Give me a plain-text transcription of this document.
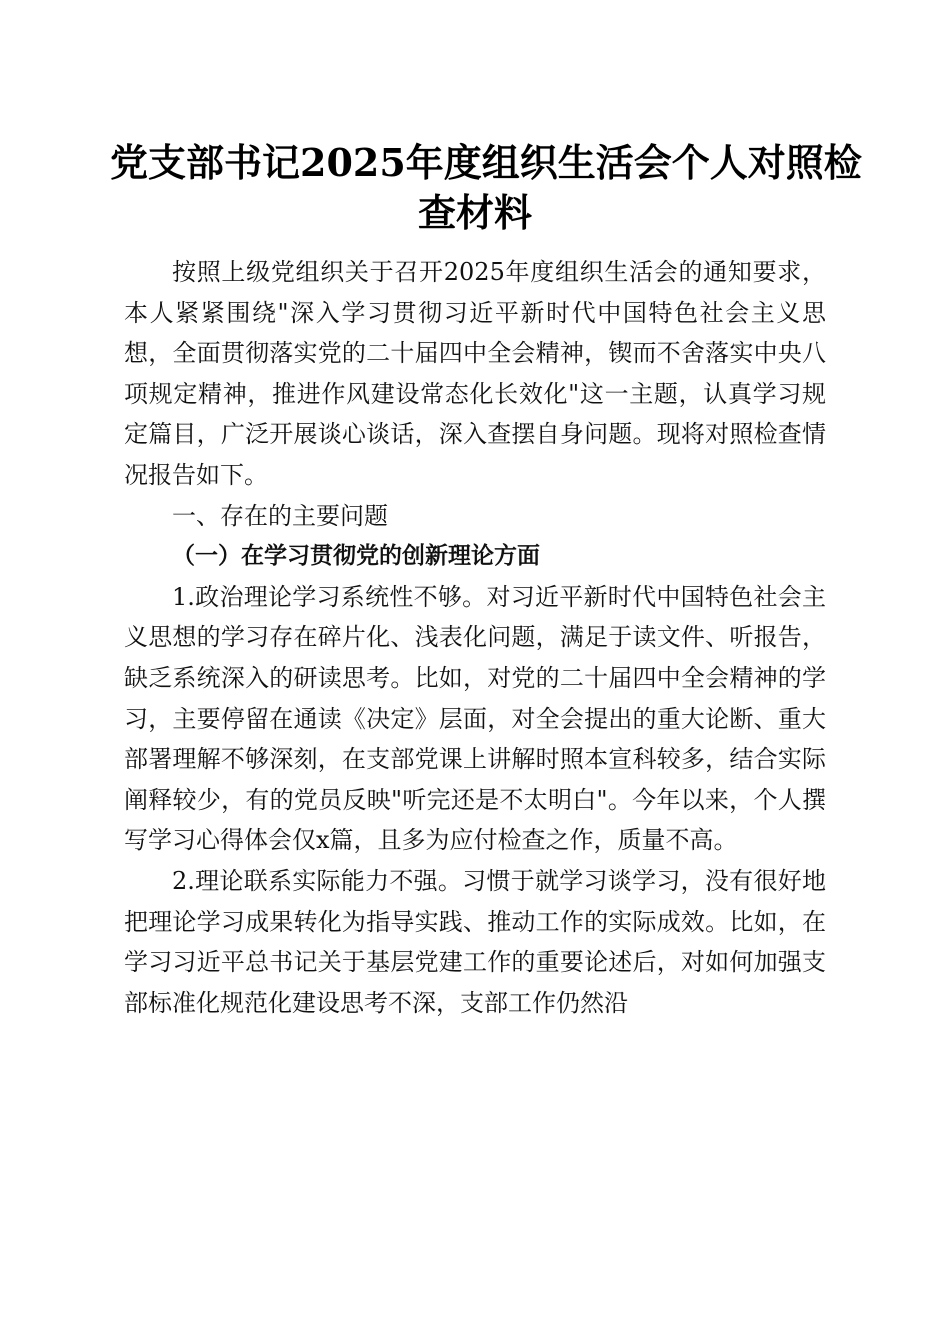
党支部书记2025年度组织生活会个人对照检
查材料

按照上级党组织关于召开2025年度组织生活会的通知要求，本人紧紧围绕"深入学习贯彻习近平新时代中国特色社会主义思想，全面贯彻落实党的二十届四中全会精神，锲而不舍落实中央八项规定精神，推进作风建设常态化长效化"这一主题，认真学习规定篇目，广泛开展谈心谈话，深入查摆自身问题。现将对照检查情况报告如下。

一、存在的主要问题

（一）在学习贯彻党的创新理论方面

1.政治理论学习系统性不够。对习近平新时代中国特色社会主义思想的学习存在碎片化、浅表化问题，满足于读文件、听报告，缺乏系统深入的研读思考。比如，对党的二十届四中全会精神的学习，主要停留在通读《决定》层面，对全会提出的重大论断、重大部署理解不够深刻，在支部党课上讲解时照本宣科较多，结合实际阐释较少，有的党员反映"听完还是不太明白"。今年以来，个人撰写学习心得体会仅x篇，且多为应付检查之作，质量不高。

2.理论联系实际能力不强。习惯于就学习谈学习，没有很好地把理论学习成果转化为指导实践、推动工作的实际成效。比如，在学习习近平总书记关于基层党建工作的重要论述后，对如何加强支部标准化规范化建设思考不深，支部工作仍然沿
